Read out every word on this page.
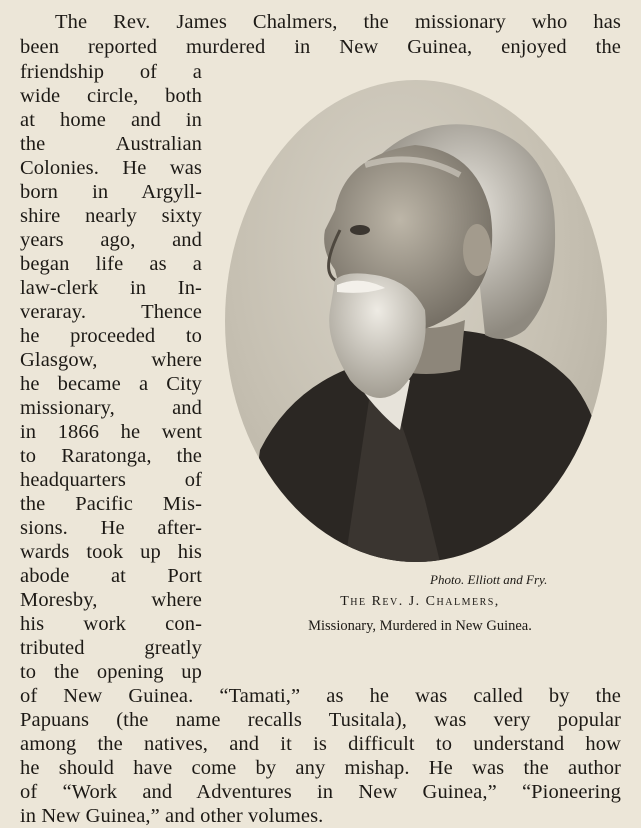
The Rev. James Chalmers, the missionary who has
been reported murdered in New Guinea, enjoyed the
friendship of a
wide circle, both
at home and in
the Australian
Colonies. He was
born in Argyll-
shire nearly sixty
years ago, and
began life as a
law-clerk in In-
veraray. Thence
he proceeded to
Glasgow, where
he became a City
missionary, and
in 1866 he went
to Raratonga, the
headquarters of
the Pacific Mis-
sions. He after-
wards took up his
abode at Port
Moresby, where
his work con-
tributed greatly
to the opening up
of New Guinea. “Tamati,” as he was called by the
Papuans (the name recalls Tusitala), was very popular
among the natives, and it is difficult to understand how
he should have come by any mishap. He was the author
of “Work and Adventures in New Guinea,” “Pioneering
in New Guinea,” and other volumes.
Photo. Elliott and Fry.
The Rev. J. Chalmers,
Missionary, Murdered in New Guinea.
